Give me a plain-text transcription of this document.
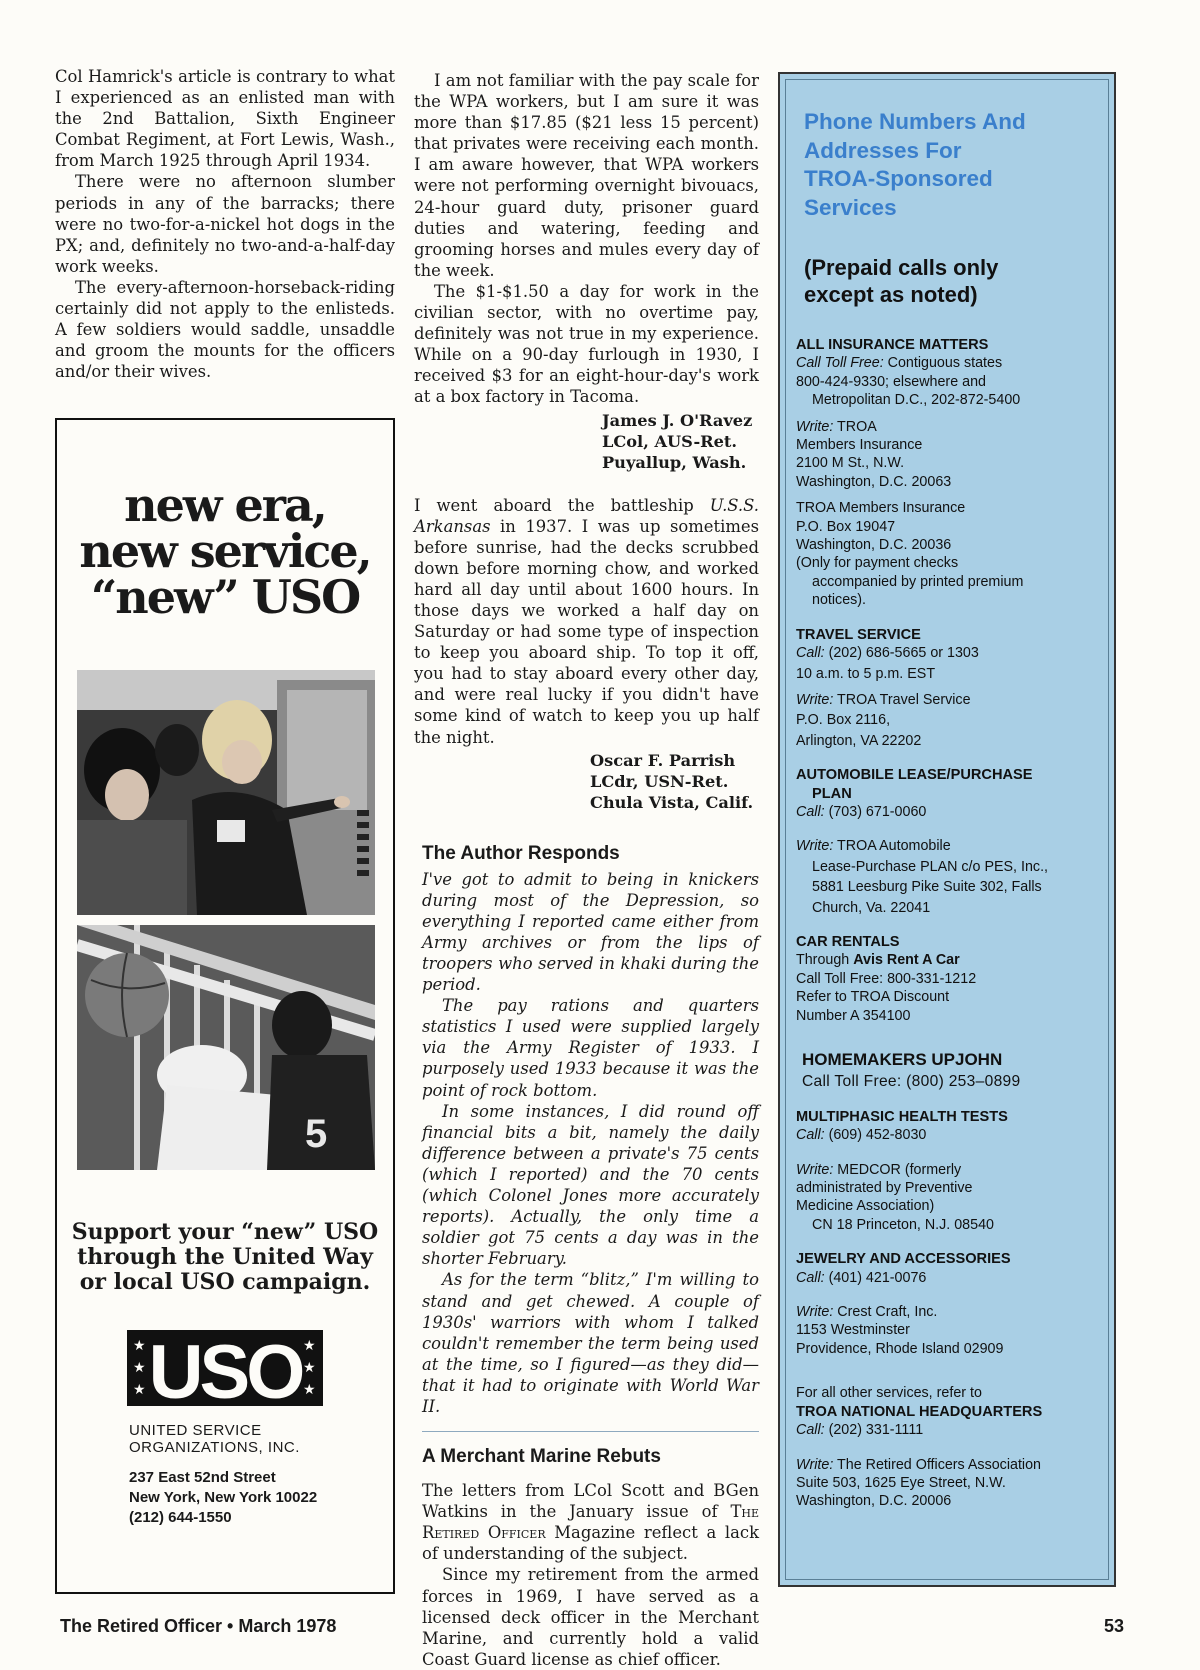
Col Hamrick's article is contrary to what I experienced as an enlisted man with the 2nd Battalion, Sixth Engineer Combat Regiment, at Fort Lewis, Wash., from March 1925 through April 1934.

There were no afternoon slumber periods in any of the barracks; there were no two-for-a-nickel hot dogs in the PX; and, definitely no two-and-a-half-day work weeks.

The every-afternoon-horseback-riding certainly did not apply to the enlisteds. A few soldiers would saddle, unsaddle and groom the mounts for the officers and/or their wives.

new era,
new service,
“new” USO
5
Support your “new” USO
through the United Way
or local USO campaign.
★
★
★
★
★
★
USO
UNITED SERVICE
ORGANIZATIONS, INC.
237 East 52nd Street
New York, New York 10022
(212) 644-1550

I am not familiar with the pay scale for the WPA workers, but I am sure it was more than $17.85 ($21 less 15 percent) that privates were receiving each month. I am aware however, that WPA workers were not performing overnight bivouacs, 24-hour guard duty, prisoner guard duties and watering, feeding and grooming horses and mules every day of the week.

The $1-$1.50 a day for work in the civilian sector, with no overtime pay, definitely was not true in my experience. While on a 90-day furlough in 1930, I received $3 for an eight-hour-day's work at a box factory in Tacoma.

James J. O'Ravez
LCol, AUS-Ret.
Puyallup, Wash.

I went aboard the battleship U.S.S. Arkansas in 1937. I was up sometimes before sunrise, had the decks scrubbed down before morning chow, and worked hard all day until about 1600 hours. In those days we worked a half day on Saturday or had some type of inspection to keep you aboard ship. To top it off, you had to stay aboard every other day, and were real lucky if you didn't have some kind of watch to keep you up half the night.

Oscar F. Parrish
LCdr, USN-Ret.
Chula Vista, Calif.
The Author Responds

I've got to admit to being in knickers during most of the Depression, so everything I reported came either from Army archives or from the lips of troopers who served in khaki during the period.

The pay rations and quarters statistics I used were supplied largely via the Army Register of 1933. I purposely used 1933 because it was the point of rock bottom.

In some instances, I did round off financial bits a bit, namely the daily difference between a private's 75 cents (which I reported) and the 70 cents (which Colonel Jones more accurately reports). Actually, the only time a soldier got 75 cents a day was in the shorter February.

As for the term “blitz,” I'm willing to stand and get chewed. A couple of 1930s' warriors with whom I talked couldn't remember the term being used at the time, so I figured—as they did—that it had to originate with World War II.

A Merchant Marine Rebuts

The letters from LCol Scott and BGen Watkins in the January issue of The Retired Officer Magazine reflect a lack of understanding of the subject.

Since my retirement from the armed forces in 1969, I have served as a licensed deck officer in the Merchant Marine, and currently hold a valid Coast Guard license as chief officer.

Phone Numbers And
Addresses For
TROA-Sponsored
Services
(Prepaid calls only
except as noted)
ALL INSURANCE MATTERS
Call Toll Free: Contiguous states
800-424-9330; elsewhere and
Metropolitan D.C., 202-872-5400
Write: TROA
Members Insurance
2100 M St., N.W.
Washington, D.C. 20063
TROA Members Insurance
P.O. Box 19047
Washington, D.C. 20036
(Only for payment checks
accompanied by printed premium
notices).
TRAVEL SERVICE
Call: (202) 686-5665 or 1303
10 a.m. to 5 p.m. EST
Write: TROA Travel Service
P.O. Box 2116,
Arlington, VA 22202
AUTOMOBILE LEASE/PURCHASE
PLAN
Call: (703) 671-0060
Write: TROA Automobile
Lease-Purchase PLAN c/o PES, Inc.,
5881 Leesburg Pike Suite 302, Falls
Church, Va. 22041
CAR RENTALS
Through Avis Rent A Car
Call Toll Free: 800-331-1212
Refer to TROA Discount
Number A 354100
HOMEMAKERS UPJOHN
Call Toll Free: (800) 253–0899
MULTIPHASIC HEALTH TESTS
Call: (609) 452-8030
Write: MEDCOR (formerly
administrated by Preventive
Medicine Association)
CN 18 Princeton, N.J. 08540
JEWELRY AND ACCESSORIES
Call: (401) 421-0076
Write: Crest Craft, Inc.
1153 Westminster
Providence, Rhode Island 02909
For all other services, refer to
TROA NATIONAL HEADQUARTERS
Call: (202) 331-1111
Write: The Retired Officers Association
Suite 503, 1625 Eye Street, N.W.
Washington, D.C. 20006
The Retired Officer • March 1978	53
